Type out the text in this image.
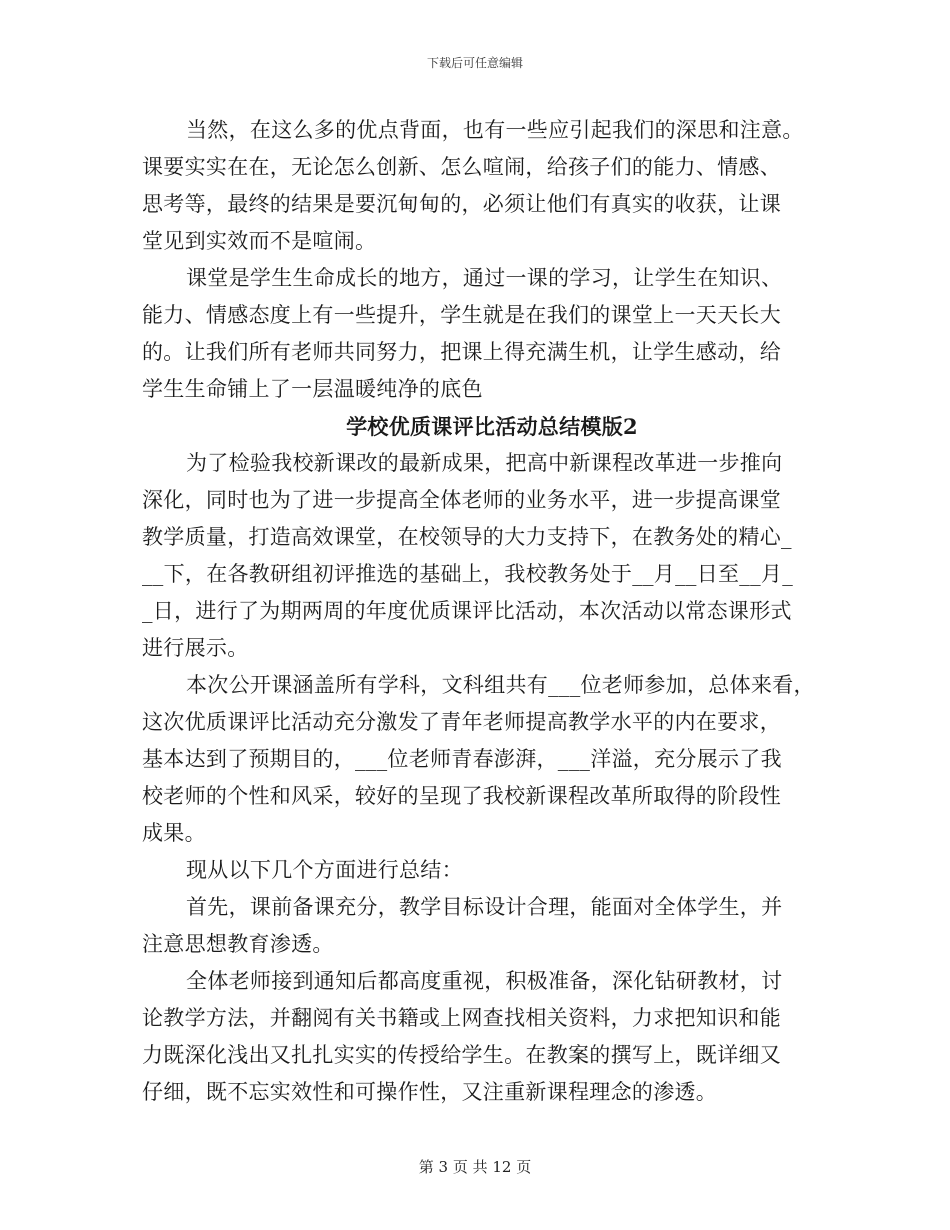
下载后可任意编辑
当然，在这么多的优点背面，也有一些应引起我们的深思和注意。
课要实实在在，无论怎么创新、怎么喧闹，给孩子们的能力、情感、
思考等，最终的结果是要沉甸甸的，必须让他们有真实的收获，让课
堂见到实效而不是喧闹。
课堂是学生生命成长的地方，通过一课的学习，让学生在知识、
能力、情感态度上有一些提升，学生就是在我们的课堂上一天天长大
的。让我们所有老师共同努力，把课上得充满生机，让学生感动，给
学生生命铺上了一层温暖纯净的底色
学校优质课评比活动总结模版2
为了检验我校新课改的最新成果，把高中新课程改革进一步推向
深化，同时也为了进一步提高全体老师的业务水平，进一步提高课堂
教学质量，打造高效课堂，在校领导的大力支持下，在教务处的精心_
__下，在各教研组初评推选的基础上，我校教务处于__月__日至__月_
_日，进行了为期两周的年度优质课评比活动，本次活动以常态课形式
进行展示。
本次公开课涵盖所有学科，文科组共有___位老师参加，总体来看，
这次优质课评比活动充分激发了青年老师提高教学水平的内在要求，
基本达到了预期目的，___位老师青春澎湃，___洋溢，充分展示了我
校老师的个性和风采，较好的呈现了我校新课程改革所取得的阶段性
成果。
现从以下几个方面进行总结：
首先，课前备课充分，教学目标设计合理，能面对全体学生，并
注意思想教育渗透。
全体老师接到通知后都高度重视，积极准备，深化钻研教材，讨
论教学方法，并翻阅有关书籍或上网查找相关资料，力求把知识和能
力既深化浅出又扎扎实实的传授给学生。在教案的撰写上，既详细又
仔细，既不忘实效性和可操作性，又注重新课程理念的渗透。
第 3 页 共 12 页
